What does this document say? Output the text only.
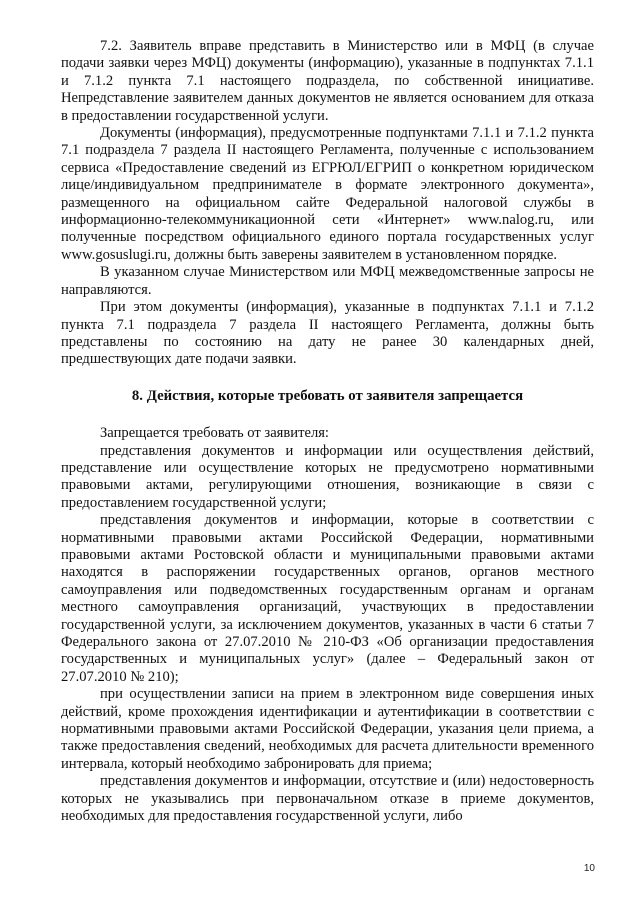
7.2. Заявитель вправе представить в Министерство или в МФЦ (в случае подачи заявки через МФЦ) документы (информацию), указанные в подпунктах 7.1.1 и 7.1.2 пункта 7.1 настоящего подраздела, по собственной инициативе. Непредставление заявителем данных документов не является основанием для отказа в предоставлении государственной услуги.

Документы (информация), предусмотренные подпунктами 7.1.1 и 7.1.2 пункта 7.1 подраздела 7 раздела II настоящего Регламента, полученные с использованием сервиса «Предоставление сведений из ЕГРЮЛ/ЕГРИП о конкретном юридическом лице/индивидуальном предпринимателе в формате электронного документа», размещенного на официальном сайте Федеральной налоговой службы в информационно-телекоммуникационной сети «Интернет» www.nalog.ru, или полученные посредством официального единого портала государственных услуг www.gosuslugi.ru, должны быть заверены заявителем в установленном порядке.

В указанном случае Министерством или МФЦ межведомственные запросы не направляются.

При этом документы (информация), указанные в подпунктах 7.1.1 и 7.1.2 пункта 7.1 подраздела 7 раздела II настоящего Регламента, должны быть представлены по состоянию на дату не ранее 30 календарных дней, предшествующих дате подачи заявки.

8. Действия, которые требовать от заявителя запрещается

Запрещается требовать от заявителя:

представления документов и информации или осуществления действий, представление или осуществление которых не предусмотрено нормативными правовыми актами, регулирующими отношения, возникающие в связи с предоставлением государственной услуги;

представления документов и информации, которые в соответствии с нормативными правовыми актами Российской Федерации, нормативными правовыми актами Ростовской области и муниципальными правовыми актами находятся в распоряжении государственных органов, органов местного самоуправления или подведомственных государственным органам и органам местного самоуправления организаций, участвующих в предоставлении государственной услуги, за исключением документов, указанных в части 6 статьи 7 Федерального закона от 27.07.2010 № 210-ФЗ «Об организации предоставления государственных и муниципальных услуг» (далее – Федеральный закон от 27.07.2010 № 210);

при осуществлении записи на прием в электронном виде совершения иных действий, кроме прохождения идентификации и аутентификации в соответствии с нормативными правовыми актами Российской Федерации, указания цели приема, а также предоставления сведений, необходимых для расчета длительности временного интервала, который необходимо забронировать для приема;

представления документов и информации, отсутствие и (или) недостоверность которых не указывались при первоначальном отказе в приеме документов, необходимых для предоставления государственной услуги, либо

10
